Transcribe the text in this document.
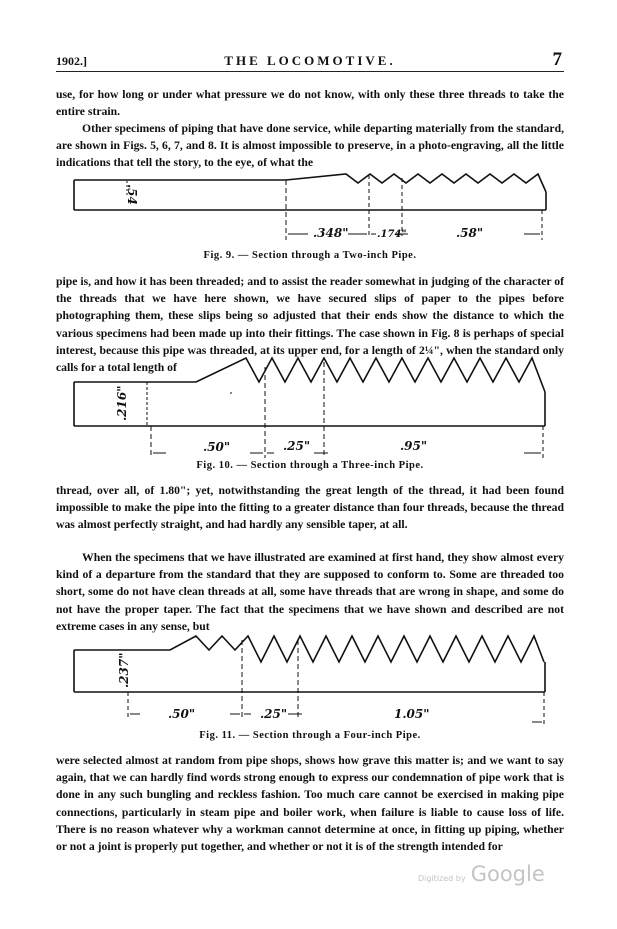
1902.]	THE LOCOMOTIVE.	7

use, for how long or under what pressure we do not know, with only these three threads to take the entire strain.

Other specimens of piping that have done service, while departing materially from the standard, are shown in Figs. 5, 6, 7, and 8. It is almost impossible to preserve, in a photo-engraving, all the little indications that tell the story, to the eye, of what the

.54
.348"	.174"	.58"
Fig. 9. — Section through a Two-inch Pipe.

pipe is, and how it has been threaded; and to assist the reader somewhat in judging of the character of the threads that we have here shown, we have secured slips of paper to the pipes before photographing them, these slips being so adjusted that their ends show the distance to which the various specimens had been made up into their fittings. The case shown in Fig. 8 is perhaps of special interest, because this pipe was threaded, at its upper end, for a length of 2¼", when the standard only calls for a total length of

.216"
.50"	.25"	.95"
Fig. 10. — Section through a Three-inch Pipe.

thread, over all, of 1.80"; yet, notwithstanding the great length of the thread, it had been found impossible to make the pipe into the fitting to a greater distance than four threads, because the thread was almost perfectly straight, and had hardly any sensible taper, at all.

When the specimens that we have illustrated are examined at first hand, they show almost every kind of a departure from the standard that they are supposed to conform to. Some are threaded too short, some do not have clean threads at all, some have threads that are wrong in shape, and some do not have the proper taper. The fact that the specimens that we have shown and described are not extreme cases in any sense, but

.237"
.50"	.25"	1.05"
Fig. 11. — Section through a Four-inch Pipe.

were selected almost at random from pipe shops, shows how grave this matter is; and we want to say again, that we can hardly find words strong enough to express our condemnation of pipe work that is done in any such bungling and reckless fashion. Too much care cannot be exercised in making pipe connections, particularly in steam pipe and boiler work, when failure is liable to cause loss of life. There is no reason whatever why a workman cannot determine at once, in fitting up piping, whether or not a joint is properly put together, and whether or not it is of the strength intended for

Digitized by Google
